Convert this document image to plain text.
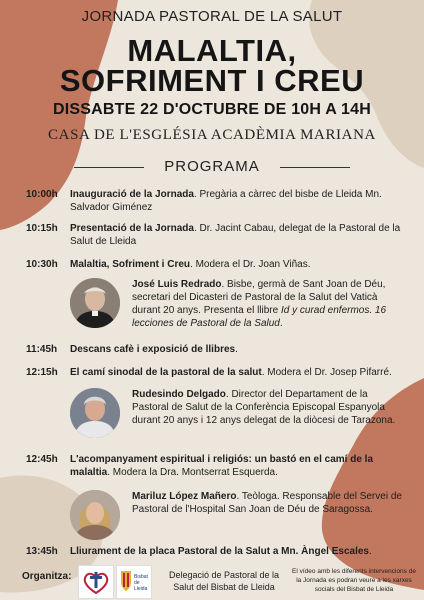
JORNADA PASTORAL DE LA SALUT
MALALTIA,
SOFRIMENT I CREU
DISSABTE 22 D'OCTUBRE DE 10H A 14H
CASA DE L'ESGLÉSIA ACADÈMIA MARIANA
PROGRAMA
10:00h Inauguració de la Jornada. Pregària a càrrec del bisbe de Lleida Mn. Salvador Giménez
10:15h Presentació de la Jornada. Dr. Jacint Cabau, delegat de la Pastoral de la Salut de Lleida
10:30h Malaltia, Sofriment i Creu. Modera el Dr. Joan Viñas.
José Luis Redrado. Bisbe, germà de Sant Joan de Déu, secretari del Dicasteri de Pastoral de la Salut del Vaticà durant 20 anys. Presenta el llibre Id y curad enfermos. 16 lecciones de Pastoral de la Salud.
11:45h Descans cafè i exposició de llibres.
12:15h El camí sinodal de la pastoral de la salut. Modera el Dr. Josep Pifarré.
Rudesindo Delgado. Director del Departament de la Pastoral de Salut de la Conferència Episcopal Espanyola durant 20 anys i 12 anys delegat de la diòcesi de Tarazona.
12:45h L'acompanyament espiritual i religiós: un bastó en el camí de la malaltia. Modera la Dra. Montserrat Esquerda.
Mariluz López Mañero. Teòloga. Responsable del Servei de Pastoral de l'Hospital San Joan de Déu de Saragossa.
13:45h Lliurament de la placa Pastoral de la Salut a Mn. Àngel Escales.
Organitza:	Bisbat
de
Lleida
Delegació de Pastoral de la Salut del Bisbat de Lleida
El vídeo amb les diferents intervencions de la Jornada es podran veure a les xarxes socials del Bisbat de Lleida
